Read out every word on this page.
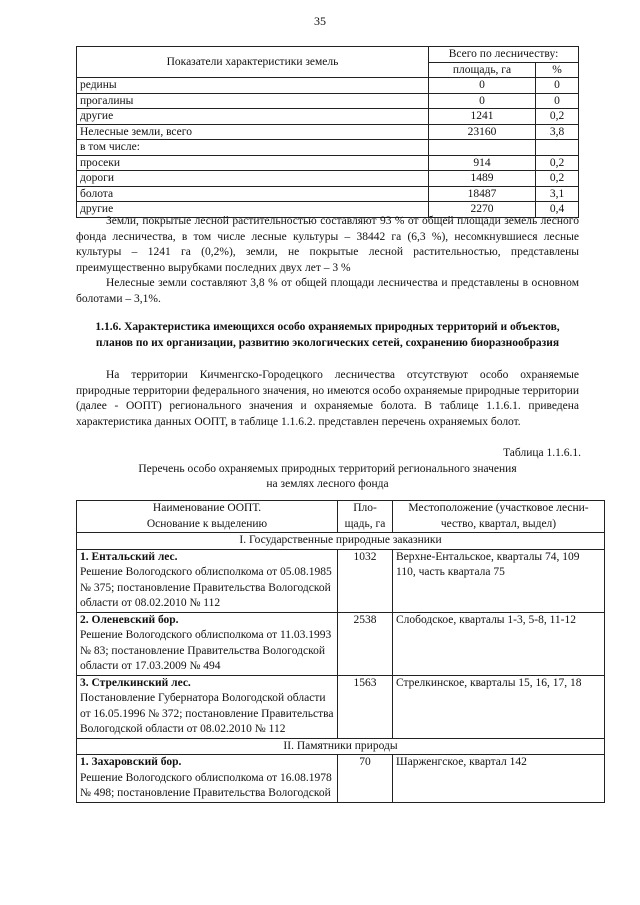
35
Показатели характеристики земель	Всего по лесничеству:	
	площадь, га	%
редины	0	0
прогалины	0	0
другие	1241	0,2
Нелесные земли, всего	23160	3,8
в том числе:		
просеки	914	0,2
дороги	1489	0,2
болота	18487	3,1
другие	2270	0,4

Земли, покрытые лесной растительностью составляют 93 % от общей площади земель лесного фонда лесничества, в том числе лесные культуры – 38442 га (6,3 %), несомкнувшиеся лесные культуры – 1241 га (0,2%), земли, не покрытые лесной растительностью, представлены преимущественно вырубками последних двух лет – 3 %

Нелесные земли составляют 3,8 % от общей площади лесничества и представлены в основном болотами – 3,1%.

1.1.6. Характеристика имеющихся особо охраняемых природных территорий и объектов, планов по их организации, развитию экологических сетей, сохранению биоразнообразия

На территории Кичменгско-Городецкого лесничества отсутствуют особо охраняемые природные территории федерального значения, но имеются особо охраняемые природные территории (далее - ООПТ) регионального значения и охраняемые болота. В таблице 1.1.6.1. приведена характеристика данных ООПТ, в таблице 1.1.6.2. представлен перечень охраняемых болот.

Таблица 1.1.6.1.

Перечень особо охраняемых природных территорий регионального значения
на землях лесного фонда

Наименование ООПТ.
Основание к выделению	Пло-
щадь, га	Местоположение (участковое лесни-
чество, квартал, выдел)
I. Государственные природные заказники		
1. Ентальский лес.
Решение Вологодского облисполкома от 05.08.1985 № 375; постановление Правительства Вологодской области от 08.02.2010 № 112	1032	Верхне-Ентальское, кварталы 74, 109 110, часть квартала 75
2. Оленевский бор.
Решение Вологодского облисполкома от 11.03.1993 № 83; постановление Правительства Вологодской области от 17.03.2009 № 494	2538	Слободское, кварталы 1-3, 5-8, 11-12
3. Стрелкинский лес.
Постановление Губернатора Вологодской области от 16.05.1996 № 372; постановление Правительства Вологодской области от 08.02.2010 № 112	1563	Стрелкинское, кварталы 15, 16, 17, 18
II. Памятники природы		
1. Захаровский бор.
Решение Вологодского облисполкома от 16.08.1978 № 498; постановление Правительства Вологодской	70	Шарженгское, квартал 142
